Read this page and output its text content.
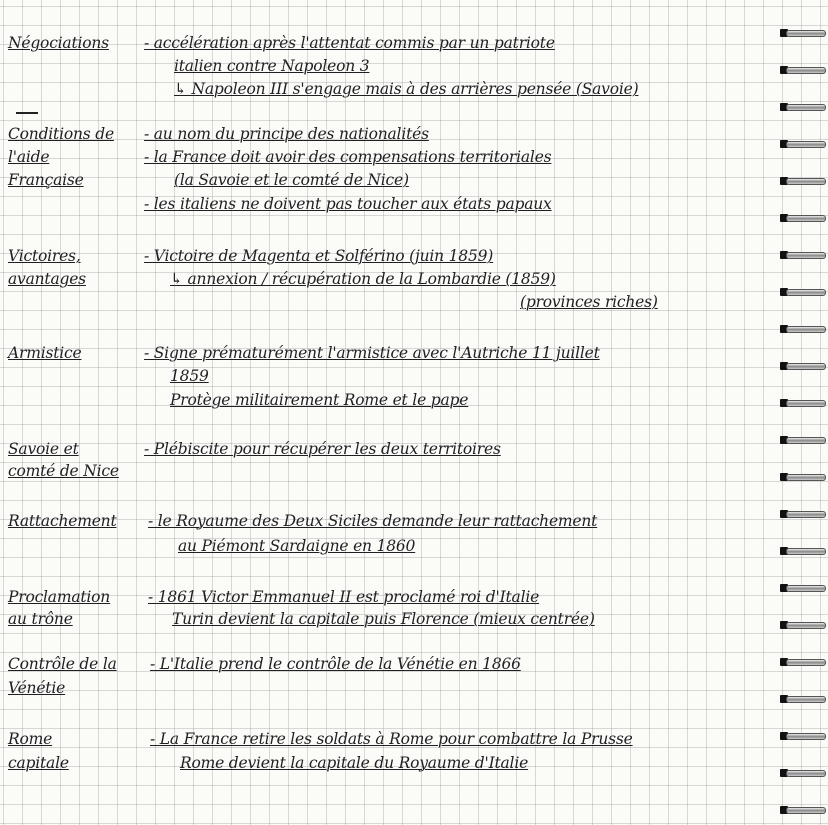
Négociations - accélération après l'attentat commis par un patriote
italien contre Napoleon 3
↳ Napoleon III s'engage mais à des arrières pensée (Savoie)
Conditions de
l'aide
Française
- au nom du principe des nationalités
- la France doit avoir des compensations territoriales
(la Savoie et le comté de Nice)
- les italiens ne doivent pas toucher aux états papaux
Victoires,
avantages
- Victoire de Magenta et Solférino (juin 1859)
↳ annexion / récupération de la Lombardie (1859)
(provinces riches)
Armistice	- Signe prématurément l'armistice avec l'Autriche 11 juillet
1859
Protège militairement Rome et le pape
Savoie et
comté de Nice
- Plébiscite pour récupérer les deux territoires
Rattachement - le Royaume des Deux Siciles demande leur rattachement
au Piémont Sardaigne en 1860
Proclamation
au trône
- 1861 Victor Emmanuel II est proclamé roi d'Italie
Turin devient la capitale puis Florence (mieux centrée)
Contrôle de la
Vénétie
- L'Italie prend le contrôle de la Vénétie en 1866
Rome
capitale
- La France retire les soldats à Rome pour combattre la Prusse
Rome devient la capitale du Royaume d'Italie
